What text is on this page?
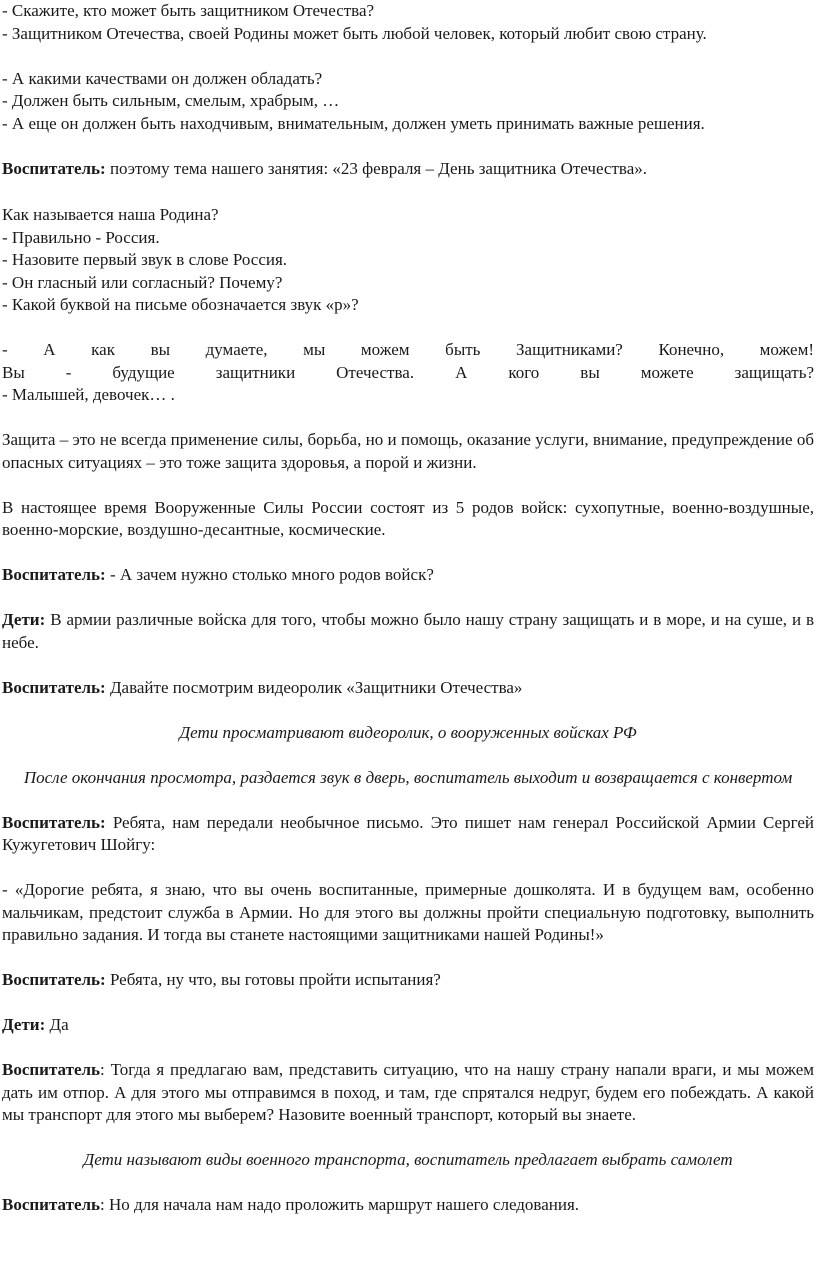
- Скажите, кто может быть защитником Отечества?

- Защитником Отечества, своей Родины может быть любой человек, который любит свою страну.

- А какими качествами он должен обладать?

- Должен быть сильным, смелым, храбрым, …

- А еще он должен быть находчивым, внимательным, должен уметь принимать важные решения.

Воспитатель: поэтому тема нашего занятия: «23 февраля – День защитника Отечества».

Как называется наша Родина?

- Правильно - Россия.

- Назовите первый звук в слове Россия.

- Он гласный или согласный? Почему?

- Какой буквой на письме обозначается звук «р»?

- А как вы думаете, мы можем быть Защитниками? Конечно, можем!

Вы - будущие защитники Отечества. А кого вы можете защищать?

- Малышей, девочек… .

Защита – это не всегда применение силы, борьба, но и помощь, оказание услуги, внимание, предупреждение об опасных ситуациях – это тоже защита здоровья, а порой и жизни.

В настоящее время Вооруженные Силы России состоят из 5 родов войск: сухопутные, военно-воздушные, военно-морские, воздушно-десантные, космические.

Воспитатель: - А зачем нужно столько много родов войск?

Дети: В армии различные войска для того, чтобы можно было нашу страну защищать и в море, и на суше, и в небе.

Воспитатель: Давайте посмотрим видеоролик «Защитники Отечества»

Дети просматривают видеоролик, о вооруженных войсках РФ

После окончания просмотра, раздается звук в дверь, воспитатель выходит и возвращается с конвертом

Воспитатель: Ребята, нам передали необычное письмо. Это пишет нам генерал Российской Армии Сергей Кужугетович Шойгу:

- «Дорогие ребята, я знаю, что вы очень воспитанные, примерные дошколята. И в будущем вам, особенно мальчикам, предстоит служба в Армии. Но для этого вы должны пройти специальную подготовку, выполнить правильно задания. И тогда вы станете настоящими защитниками нашей Родины!»

Воспитатель: Ребята, ну что, вы готовы пройти испытания?

Дети: Да

Воспитатель: Тогда я предлагаю вам, представить ситуацию, что на нашу страну напали враги, и мы можем дать им отпор. А для этого мы отправимся в поход, и там, где спрятался недруг, будем его побеждать. А какой мы транспорт для этого мы выберем? Назовите военный транспорт, который вы знаете.

Дети называют виды военного транспорта, воспитатель предлагает выбрать самолет

Воспитатель: Но для начала нам надо проложить маршрут нашего следования.
